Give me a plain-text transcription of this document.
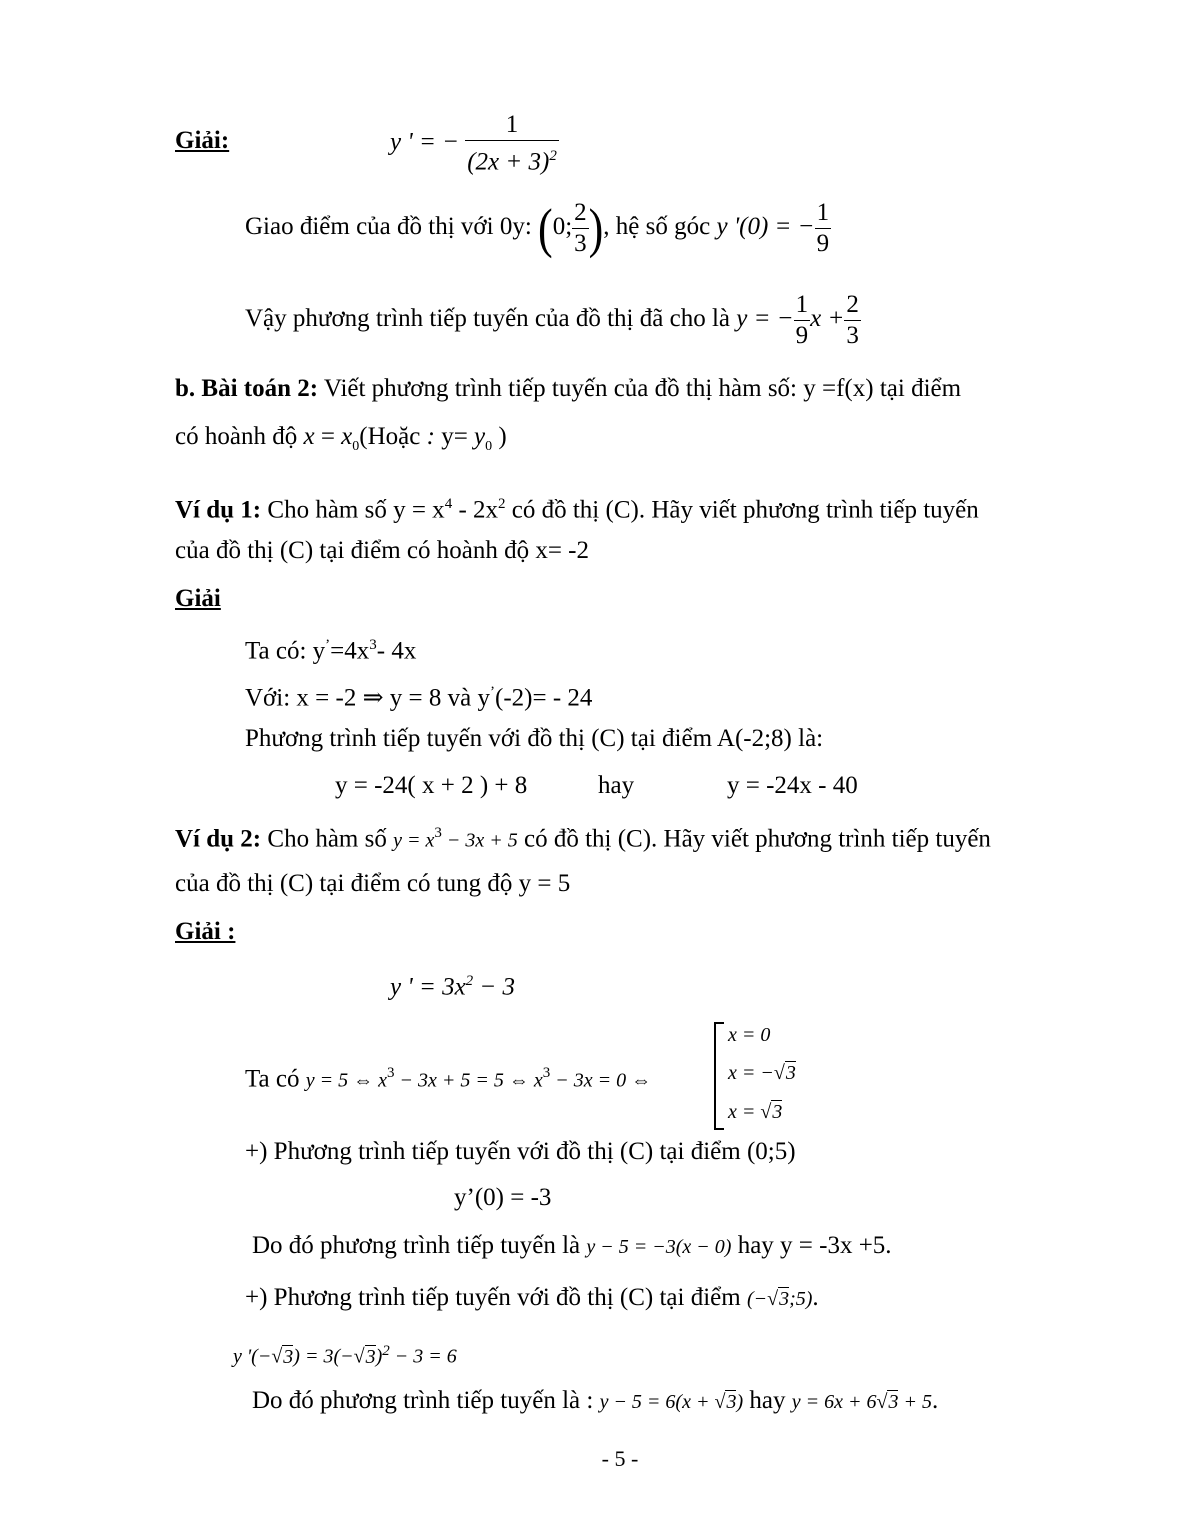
Giải:	y ' = − $\frac{1}{(2x + 3)^2}$
Giao điểm của đồ thị với 0y: (0; $\frac{2}{3}$ ), hệ số góc y '(0) = − $\frac{1}{9}$
Vậy phương trình tiếp tuyến của đồ thị đã cho là y = − $\frac{1}{9}$ $x + \frac{2}{3}$
b. Bài toán 2: Viết phương trình tiếp tuyến của đồ thị hàm số: y =f(x) tại điểm
có hoành độ $x = x_0(Hoặc$ : $y= y_0$ )
Ví dụ 1: Cho hàm số $y = x^4 - 2x^2$ có đồ thị (C). Hãy viết phương trình tiếp tuyến
của đồ thị (C) tại điểm có hoành độ x= -2
Giải
Ta có: $y^’=4x^3-$ 4x
Với: x = -2 ⇒ y = 8 và y’(-2)= - 24
Phương trình tiếp tuyến với đồ thị (C) tại điểm A(-2;8) là:
y = -24( x + 2 ) + 8	hay	y = -24x - 40
Ví dụ 2: Cho hàm số $y = x^3 - 3x + 5$ có đồ thị (C). Hãy viết phương trình tiếp tuyến
của đồ thị (C) tại điểm có tung độ y = 5
Giải :
y ' = $3x^2 - 3$
Ta có y = 5 ⇔ $x^3 - 3x + 5 = 5$ ⇔ $x^3 - 3x = 0$ ⇔
x = 0
x = −√3
x = √3
+) Phương trình tiếp tuyến với đồ thị (C) tại điểm (0;5)
y’(0) = -3
Do đó phương trình tiếp tuyến là y − 5 = −3(x − 0) hay y = -3x +5.
+) Phương trình tiếp tuyến với đồ thị (C) tại điểm (−√3;5).
y '$(-√3) = 3(-√3)^2 - 3 = 6$
Do đó phương trình tiếp tuyến là : y − 5 = 6(x + √3) hay y = 6x + 6√3 + 5.
- 5 -
